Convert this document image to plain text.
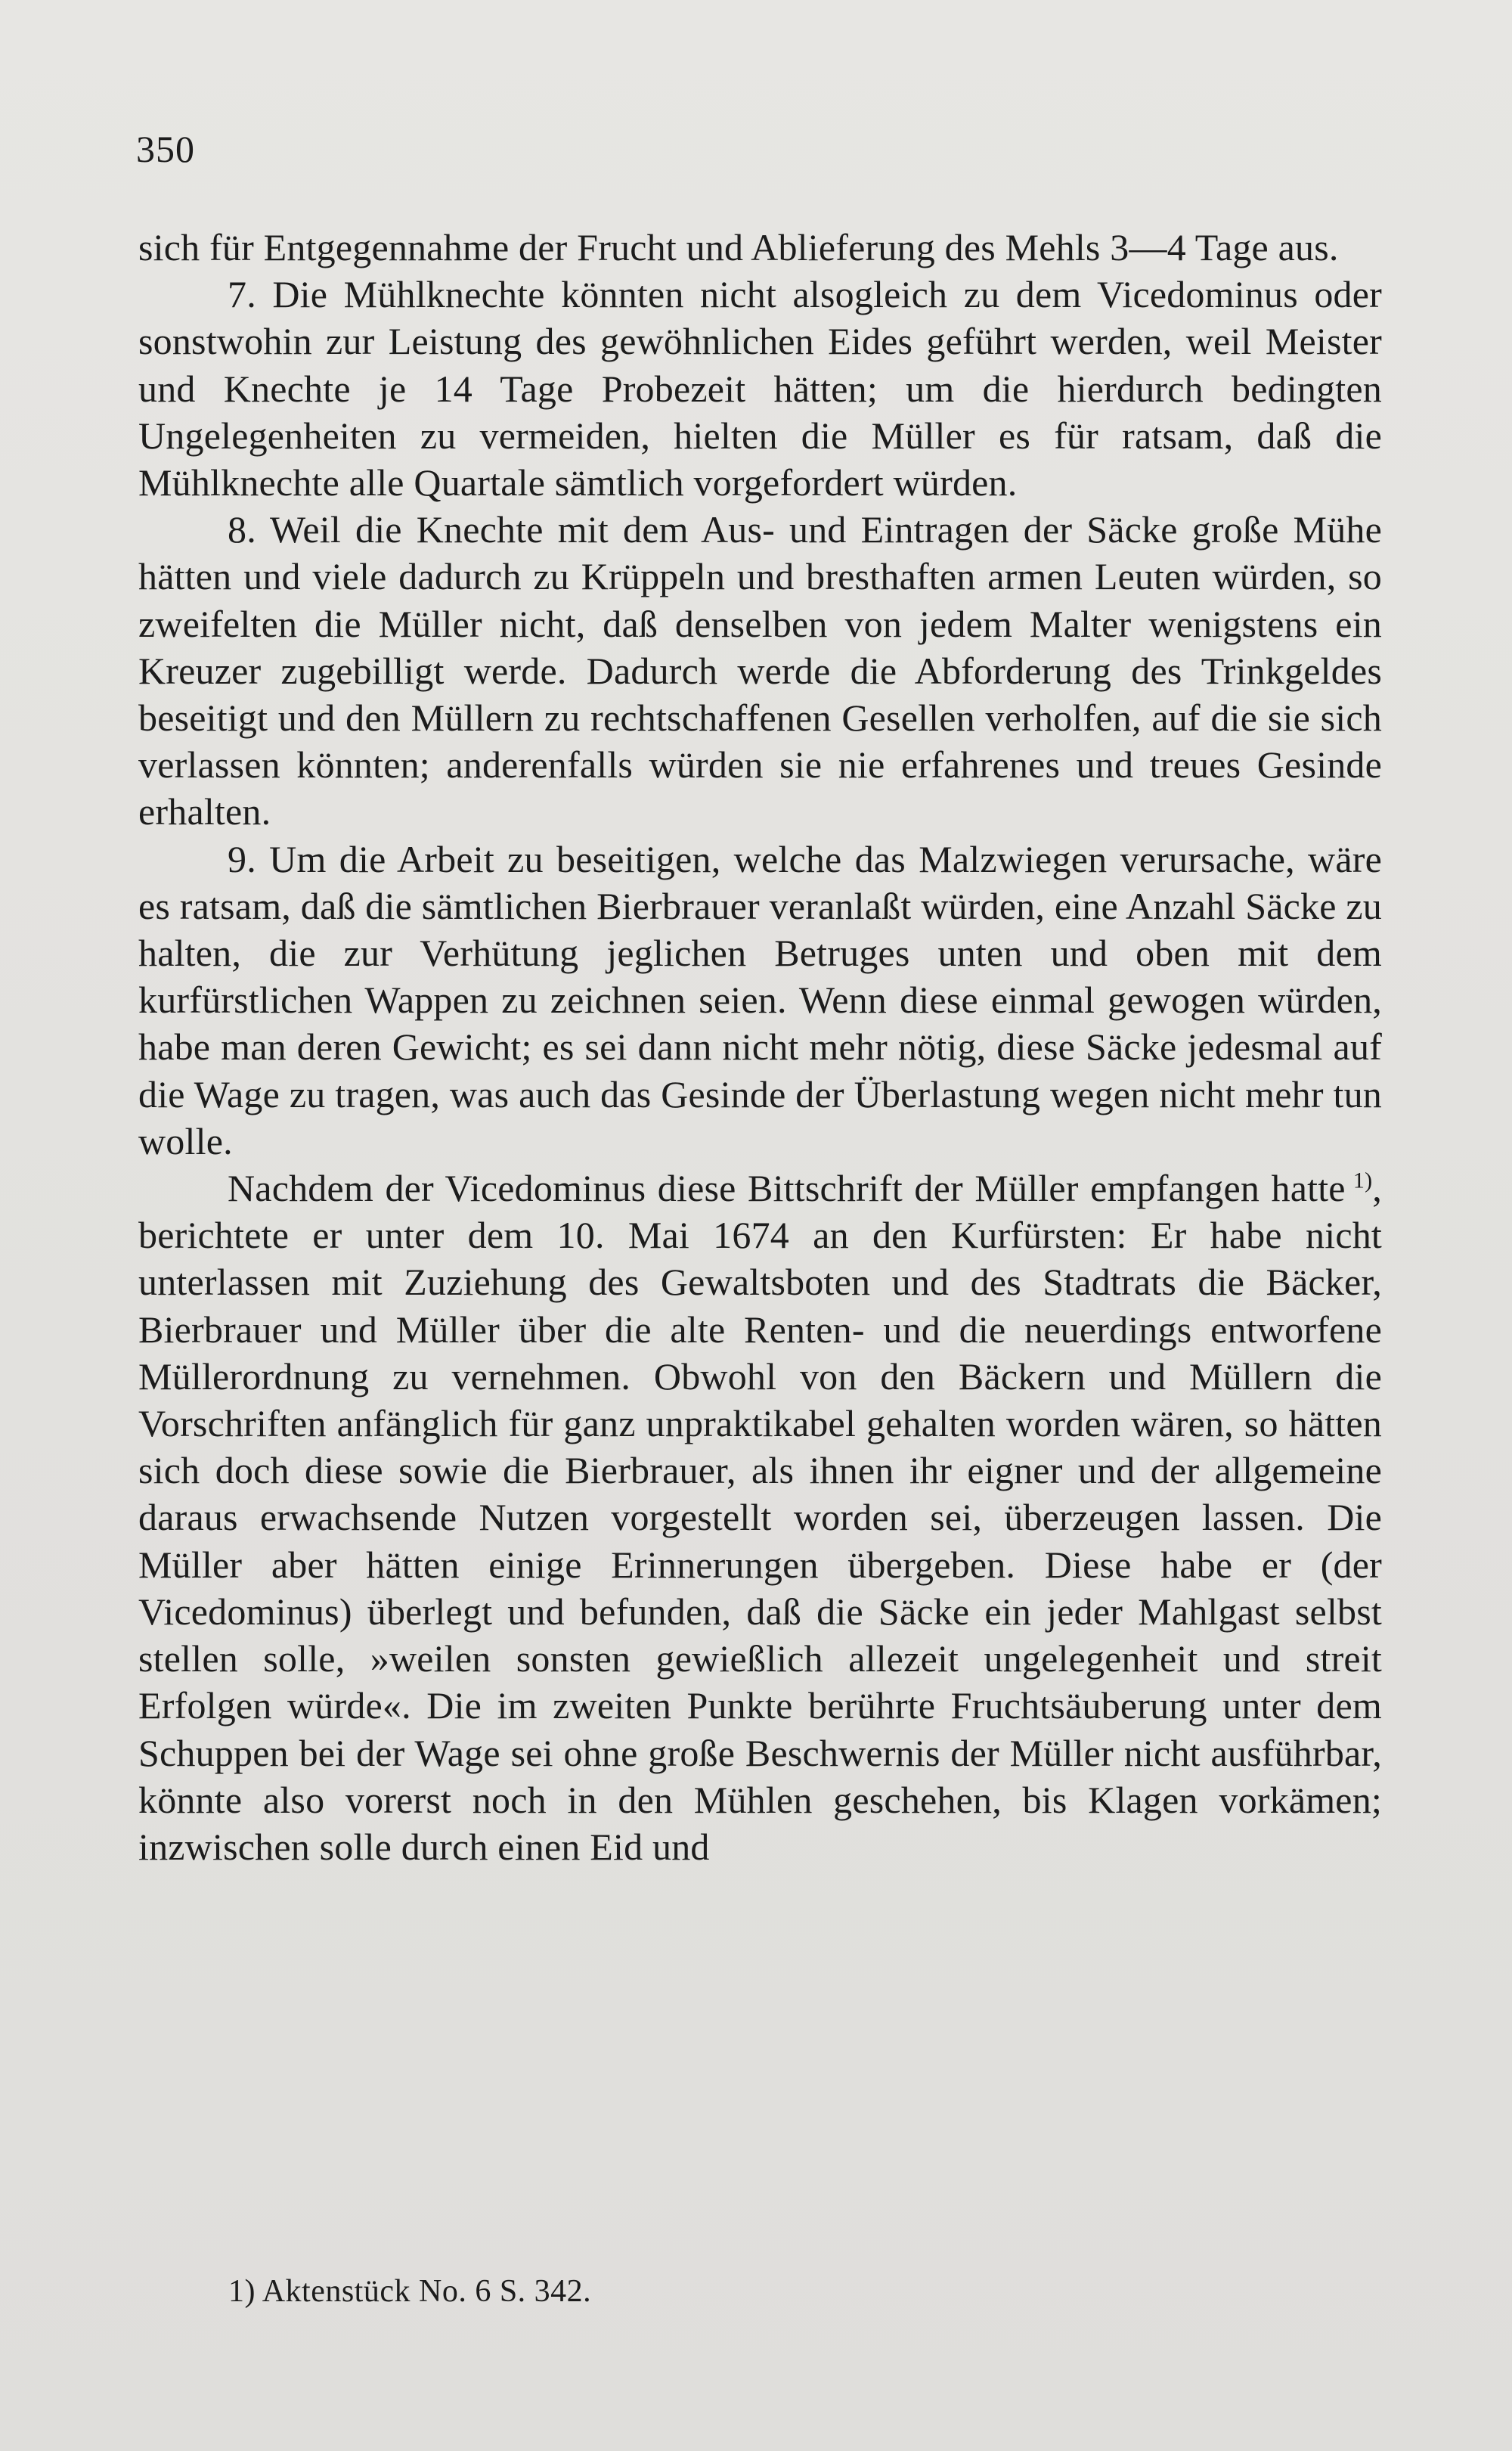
350

sich für Entgegennahme der Frucht und Ablieferung des Mehls 3—4 Tage aus.

7. Die Mühlknechte könnten nicht alsogleich zu dem Vicedominus oder sonstwohin zur Leistung des gewöhnlichen Eides geführt werden, weil Meister und Knechte je 14 Tage Probezeit hätten; um die hierdurch bedingten Ungelegenheiten zu vermeiden, hielten die Müller es für ratsam, daß die Mühlknechte alle Quartale sämtlich vorgefordert würden.

8. Weil die Knechte mit dem Aus- und Eintragen der Säcke große Mühe hätten und viele dadurch zu Krüppeln und bresthaften armen Leuten würden, so zweifelten die Müller nicht, daß denselben von jedem Malter wenigstens ein Kreuzer zugebilligt werde. Dadurch werde die Abforderung des Trinkgeldes beseitigt und den Müllern zu rechtschaffenen Gesellen verholfen, auf die sie sich verlassen könnten; anderenfalls würden sie nie erfahrenes und treues Gesinde erhalten.

9. Um die Arbeit zu beseitigen, welche das Malzwiegen verursache, wäre es ratsam, daß die sämtlichen Bierbrauer veranlaßt würden, eine Anzahl Säcke zu halten, die zur Verhütung jeglichen Betruges unten und oben mit dem kurfürstlichen Wappen zu zeichnen seien. Wenn diese einmal gewogen würden, habe man deren Gewicht; es sei dann nicht mehr nötig, diese Säcke jedesmal auf die Wage zu tragen, was auch das Gesinde der Überlastung wegen nicht mehr tun wolle.

Nachdem der Vicedominus diese Bittschrift der Müller empfangen hatte  $^{1)}$, berichtete er unter dem 10. Mai 1674 an den Kurfürsten: Er habe nicht unterlassen mit Zuziehung des Gewaltsboten und des Stadtrats die Bäcker, Bierbrauer und Müller über die alte Renten- und die neuerdings entworfene Müllerordnung zu vernehmen. Obwohl von den Bäckern und Müllern die Vorschriften anfänglich für ganz unpraktikabel gehalten worden wären, so hätten sich doch diese sowie die Bierbrauer, als ihnen ihr eigner und der allgemeine daraus erwachsende Nutzen vorgestellt worden sei, überzeugen lassen. Die Müller aber hätten einige Erinnerungen übergeben. Diese habe er (der Vicedominus) überlegt und befunden, daß die Säcke ein jeder Mahlgast selbst stellen solle, »weilen sonsten gewießlich allezeit ungelegenheit und streit Erfolgen würde«. Die im zweiten Punkte berührte Fruchtsäuberung unter dem Schuppen bei der Wage sei ohne große Beschwernis der Müller nicht ausführbar, könnte also vorerst noch in den Mühlen geschehen, bis Klagen vorkämen; inzwischen solle durch einen Eid und

1) Aktenstück No. 6 S. 342.
